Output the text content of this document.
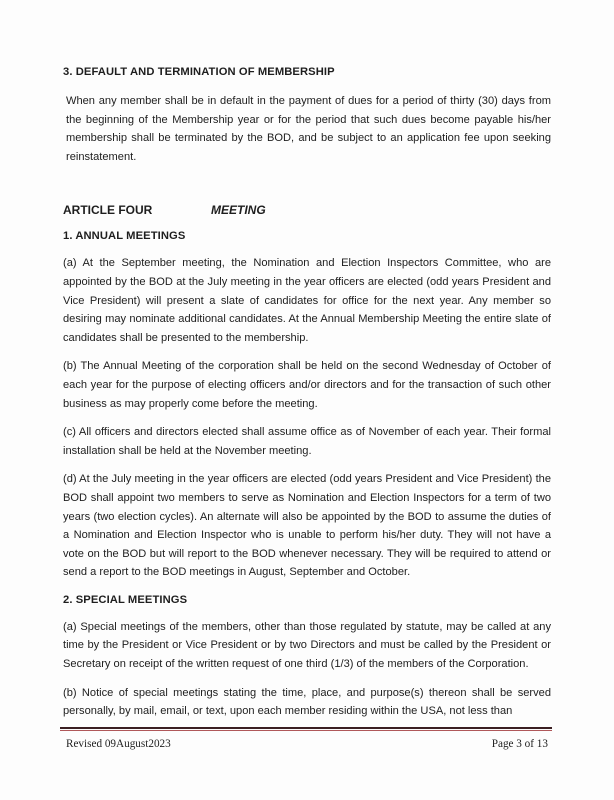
3. DEFAULT AND TERMINATION OF MEMBERSHIP

When any member shall be in default in the payment of dues for a period of thirty (30) days from the beginning of the Membership year or for the period that such dues become payable his/her membership shall be terminated by the BOD, and be subject to an application fee upon seeking reinstatement.

ARTICLE FOUR	MEETING
1. ANNUAL MEETINGS

(a) At the September meeting, the Nomination and Election Inspectors Committee, who are appointed by the BOD at the July meeting in the year officers are elected (odd years President and Vice President) will present a slate of candidates for office for the next year. Any member so desiring may nominate additional candidates. At the Annual Membership Meeting the entire slate of candidates shall be presented to the membership.

(b) The Annual Meeting of the corporation shall be held on the second Wednesday of October of each year for the purpose of electing officers and/or directors and for the transaction of such other business as may properly come before the meeting.

(c) All officers and directors elected shall assume office as of November of each year. Their formal installation shall be held at the November meeting.

(d) At the July meeting in the year officers are elected (odd years President and Vice President) the BOD shall appoint two members to serve as Nomination and Election Inspectors for a term of two years (two election cycles). An alternate will also be appointed by the BOD to assume the duties of a Nomination and Election Inspector who is unable to perform his/her duty. They will not have a vote on the BOD but will report to the BOD whenever necessary. They will be required to attend or send a report to the BOD meetings in August, September and October.

2. SPECIAL MEETINGS

(a) Special meetings of the members, other than those regulated by statute, may be called at any time by the President or Vice President or by two Directors and must be called by the President or Secretary on receipt of the written request of one third (1/3) of the members of the Corporation.

(b) Notice of special meetings stating the time, place, and purpose(s) thereon shall be served personally, by mail, email, or text, upon each member residing within the USA, not less than

Revised 09August2023	Page 3 of 13
